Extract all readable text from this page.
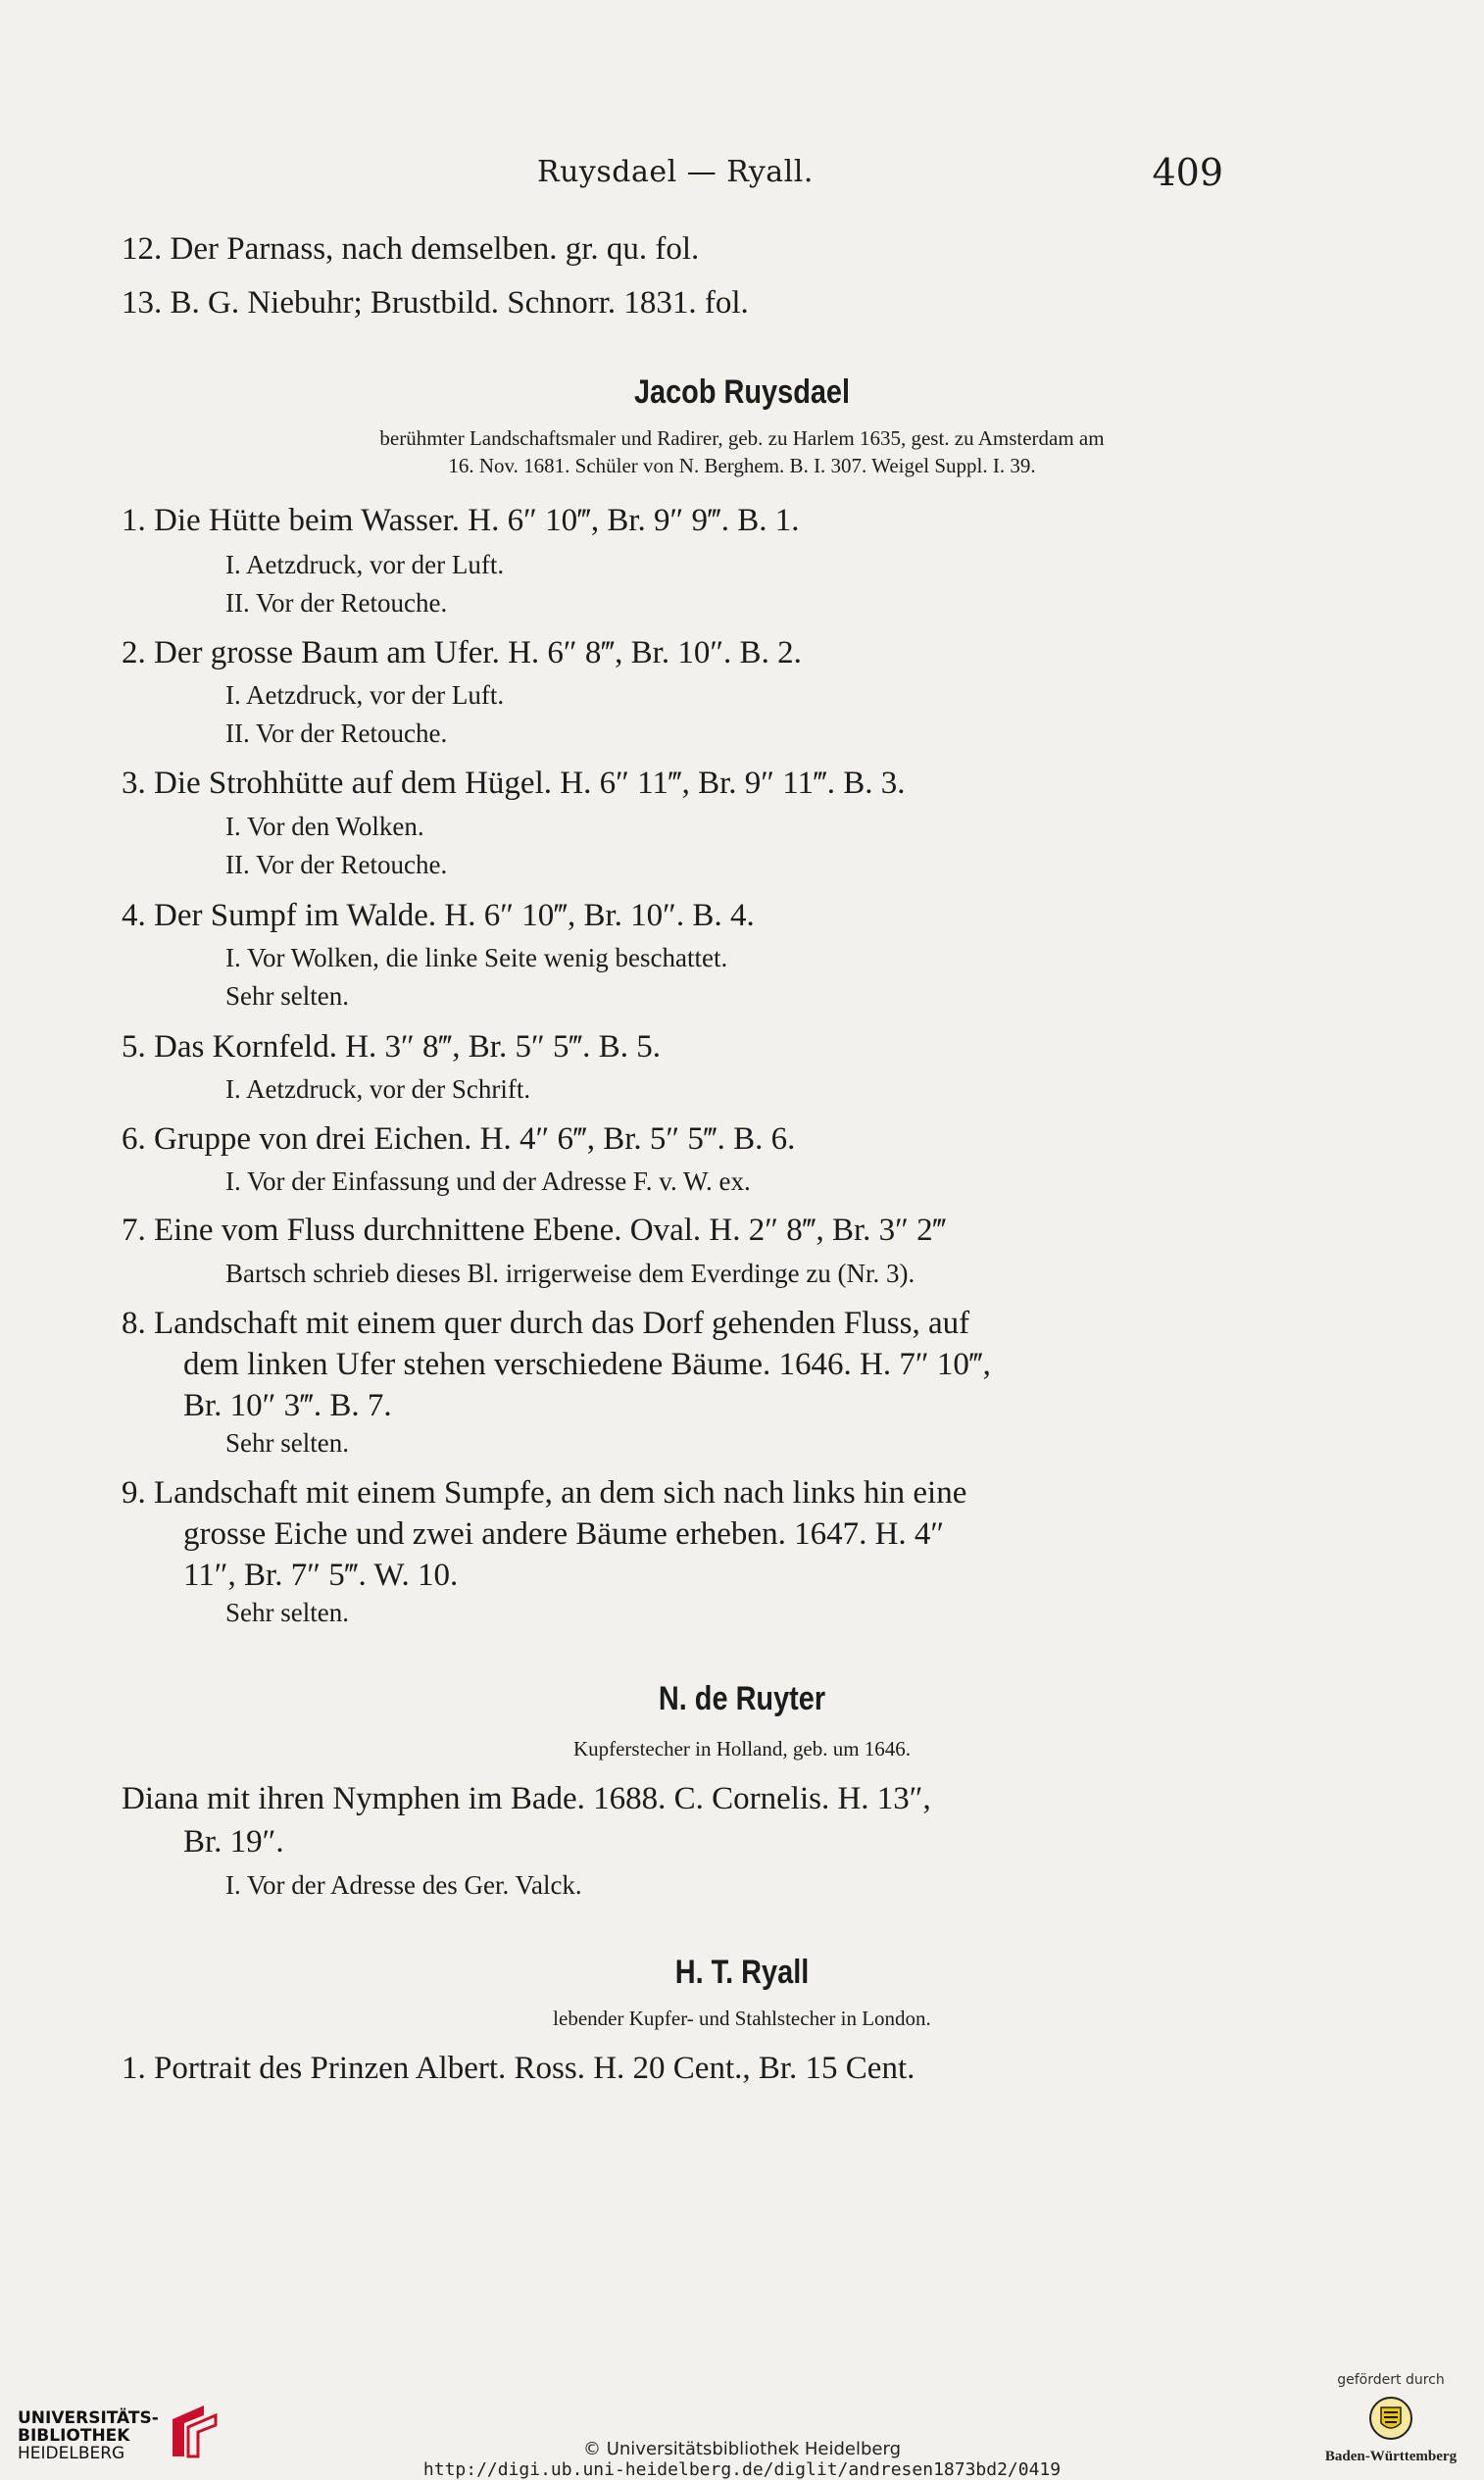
Ruysdael — Ryall.	409
12. Der Parnass, nach demselben. gr. qu. fol.
13. B. G. Niebuhr; Brustbild. Schnorr. 1831. fol.
Jacob Ruysdael
berühmter Landschaftsmaler und Radirer, geb. zu Harlem 1635, gest. zu Amsterdam am
16. Nov. 1681. Schüler von N. Berghem. B. I. 307. Weigel Suppl. I. 39.
1. Die Hütte beim Wasser. H. 6″ 10‴, Br. 9″ 9‴. B. 1.
I. Aetzdruck, vor der Luft.
II. Vor der Retouche.
2. Der grosse Baum am Ufer. H. 6″ 8‴, Br. 10″. B. 2.
I. Aetzdruck, vor der Luft.
II. Vor der Retouche.
3. Die Strohhütte auf dem Hügel. H. 6″ 11‴, Br. 9″ 11‴. B. 3.
I. Vor den Wolken.
II. Vor der Retouche.
4. Der Sumpf im Walde. H. 6″ 10‴, Br. 10″. B. 4.
I. Vor Wolken, die linke Seite wenig beschattet.
Sehr selten.
5. Das Kornfeld. H. 3″ 8‴, Br. 5″ 5‴. B. 5.
I. Aetzdruck, vor der Schrift.
6. Gruppe von drei Eichen. H. 4″ 6‴, Br. 5″ 5‴. B. 6.
I. Vor der Einfassung und der Adresse F. v. W. ex.
7. Eine vom Fluss durchnittene Ebene. Oval. H. 2″ 8‴, Br. 3″ 2‴
Bartsch schrieb dieses Bl. irrigerweise dem Everdinge zu (Nr. 3).
8. Landschaft mit einem quer durch das Dorf gehenden Fluss, auf
dem linken Ufer stehen verschiedene Bäume. 1646. H. 7″ 10‴,
Br. 10″ 3‴. B. 7.
Sehr selten.
9. Landschaft mit einem Sumpfe, an dem sich nach links hin eine
grosse Eiche und zwei andere Bäume erheben. 1647. H. 4″
11″, Br. 7″ 5‴. W. 10.
Sehr selten.
N. de Ruyter
Kupferstecher in Holland, geb. um 1646.
Diana mit ihren Nymphen im Bade. 1688. C. Cornelis. H. 13″,
Br. 19″.
I. Vor der Adresse des Ger. Valck.
H. T. Ryall
lebender Kupfer- und Stahlstecher in London.
1. Portrait des Prinzen Albert. Ross. H. 20 Cent., Br. 15 Cent.
UNIVERSITÄTS-
BIBLIOTHEK
HEIDELBERG	© Universitätsbibliothek Heidelberg
http://digi.ub.uni-heidelberg.de/diglit/andresen1873bd2/0419
gefördert durch
Baden-Württemberg
